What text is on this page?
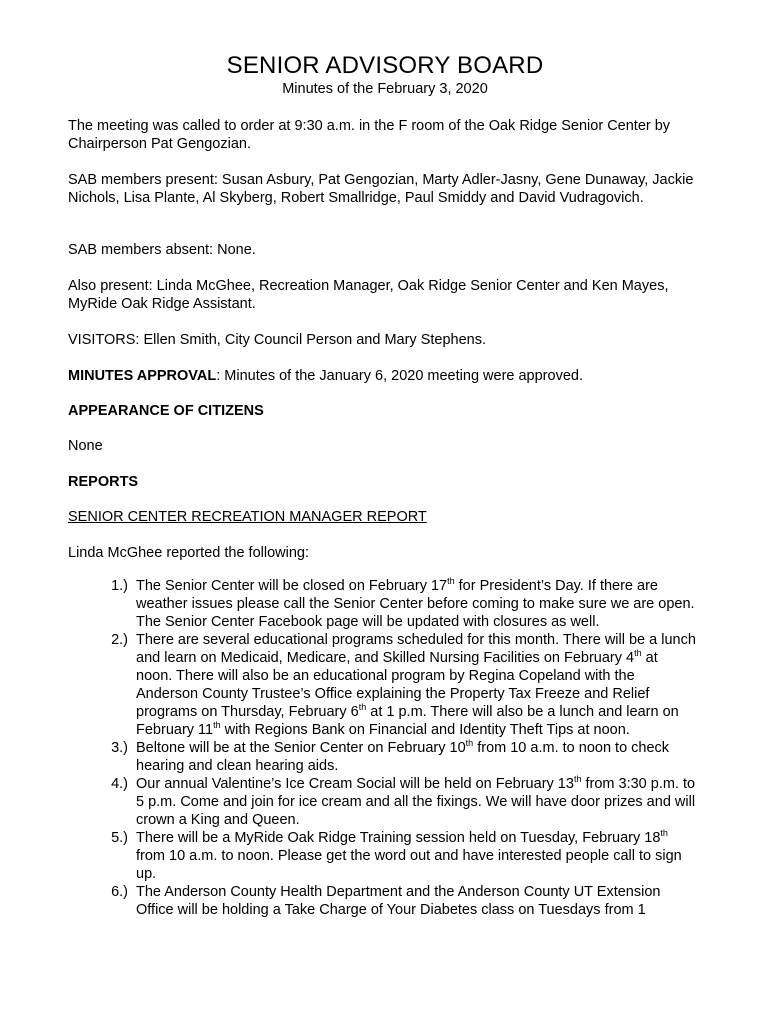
SENIOR ADVISORY BOARD
Minutes of the February 3, 2020
The meeting was called to order at 9:30 a.m. in the F room of the Oak Ridge Senior Center by Chairperson Pat Gengozian.
SAB members present: Susan Asbury, Pat Gengozian, Marty Adler-Jasny, Gene Dunaway, Jackie Nichols, Lisa Plante, Al Skyberg, Robert Smallridge, Paul Smiddy and David Vudragovich.
SAB members absent: None.
Also present: Linda McGhee, Recreation Manager, Oak Ridge Senior Center and Ken Mayes, MyRide Oak Ridge Assistant.
VISITORS: Ellen Smith, City Council Person and Mary Stephens.
MINUTES APPROVAL: Minutes of the January 6, 2020 meeting were approved.
APPEARANCE OF CITIZENS
None
REPORTS
SENIOR CENTER RECREATION MANAGER REPORT
Linda McGhee reported the following:
1.) The Senior Center will be closed on February 17th for President’s Day. If there are weather issues please call the Senior Center before coming to make sure we are open. The Senior Center Facebook page will be updated with closures as well.
2.) There are several educational programs scheduled for this month. There will be a lunch and learn on Medicaid, Medicare, and Skilled Nursing Facilities on February 4th at noon. There will also be an educational program by Regina Copeland with the Anderson County Trustee’s Office explaining the Property Tax Freeze and Relief programs on Thursday, February 6th at 1 p.m. There will also be a lunch and learn on February 11th with Regions Bank on Financial and Identity Theft Tips at noon.
3.) Beltone will be at the Senior Center on February 10th from 10 a.m. to noon to check hearing and clean hearing aids.
4.) Our annual Valentine’s Ice Cream Social will be held on February 13th from 3:30 p.m. to 5 p.m. Come and join for ice cream and all the fixings. We will have door prizes and will crown a King and Queen.
5.) There will be a MyRide Oak Ridge Training session held on Tuesday, February 18th from 10 a.m. to noon. Please get the word out and have interested people call to sign up.
6.) The Anderson County Health Department and the Anderson County UT Extension Office will be holding a Take Charge of Your Diabetes class on Tuesdays from 1
